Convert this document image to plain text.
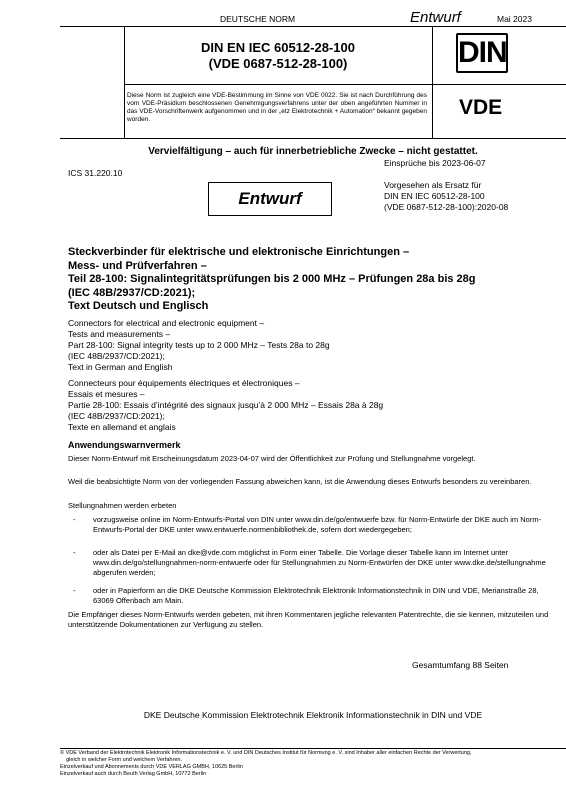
DEUTSCHE NORM	Entwurf	Mai 2023
DIN EN IEC 60512-28-100
(VDE 0687-512-28-100)	DIN
Diese Norm ist zugleich eine VDE-Bestimmung im Sinne von VDE 0022. Sie ist nach Durchführung des vom VDE-Präsidium beschlossenen Genehmigungsverfahrens unter der oben angeführten Nummer in das VDE-Vorschriftenwerk aufgenommen und in der „etz Elektrotechnik + Automation“ bekannt gegeben worden.
VDE
Vervielfältigung – auch für innerbetriebliche Zwecke – nicht gestattet.
Einsprüche bis 2023-06-07
ICS 31.220.10
Vorgesehen als Ersatz für
DIN EN IEC 60512-28-100
(VDE 0687-512-28-100):2020-08
Entwurf
Steckverbinder für elektrische und elektronische Einrichtungen –
Mess- und Prüfverfahren –
Teil 28-100: Signalintegritätsprüfungen bis 2 000 MHz – Prüfungen 28a bis 28g
(IEC 48B/2937/CD:2021);
Text Deutsch und Englisch
Connectors for electrical and electronic equipment –
Tests and measurements –
Part 28-100: Signal integrity tests up to 2 000 MHz – Tests 28a to 28g
(IEC 48B/2937/CD:2021);
Text in German and English
Connecteurs pour équipements électriques et électroniques –
Essais et mesures –
Partie 28-100: Essais d’intégrité des signaux jusqu’à 2 000 MHz – Essais 28a à 28g
(IEC 48B/2937/CD:2021);
Texte en allemand et anglais
Anwendungswarnvermerk
Dieser Norm-Entwurf mit Erscheinungsdatum 2023-04-07 wird der Öffentlichkeit zur Prüfung und Stellungnahme vorgelegt.
Weil die beabsichtigte Norm von der vorliegenden Fassung abweichen kann, ist die Anwendung dieses Entwurfs besonders zu vereinbaren.
Stellungnahmen werden erbeten
- vorzugsweise online im Norm-Entwurfs-Portal von DIN unter www.din.de/go/entwuerfe bzw. für Norm-Entwürfe der DKE auch im Norm-Entwurfs-Portal der DKE unter www.entwuerfe.normenbibliothek.de, sofern dort wiedergegeben;
- oder als Datei per E-Mail an dke@vde.com möglichst in Form einer Tabelle. Die Vorlage dieser Tabelle kann im Internet unter www.din.de/go/stellungnahmen-norm-entwuerfe oder für Stellungnahmen zu Norm-Entwürfen der DKE unter www.dke.de/stellungnahme abgerufen werden;
- oder in Papierform an die DKE Deutsche Kommission Elektrotechnik Elektronik Informationstechnik in DIN und VDE, Merianstraße 28, 63069 Offenbach am Main.
Die Empfänger dieses Norm-Entwurfs werden gebeten, mit ihren Kommentaren jegliche relevanten Patentrechte, die sie kennen, mitzuteilen und unterstützende Dokumentationen zur Verfügung zu stellen.
Gesamtumfang 88 Seiten
DKE Deutsche Kommission Elektrotechnik Elektronik Informationstechnik in DIN und VDE
© VDE Verband der Elektrotechnik Elektronik Informationstechnik e. V. und DIN Deutsches Institut für Normung e. V. sind Inhaber aller einfachen Rechte der Verwertung,
gleich in welcher Form und welchem Verfahren.
Einzelverkauf und Abonnements durch VDE VERLAG GMBH, 10625 Berlin
Einzelverkauf auch durch Beuth Verlag GmbH, 10772 Berlin
